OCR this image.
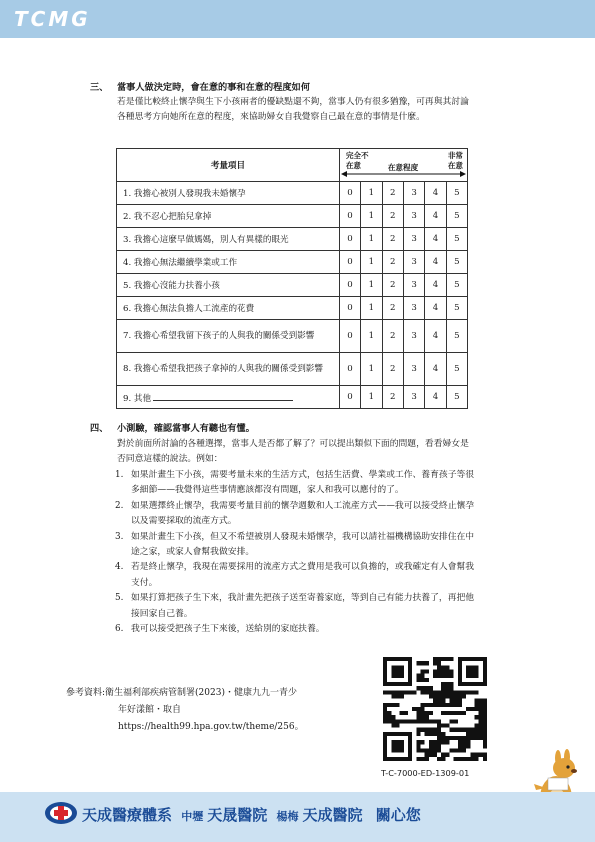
TCMG
三、 當事人做決定時，會在意的事和在意的程度如何
若是僅比較終止懷孕與生下小孩兩者的優缺點還不夠，當事人仍有很多猶豫，可再與其討論各種思考方向她所在意的程度，來協助婦女自我覺察自己最在意的事情是什麼。
考量項目	完全不在意 在意程度
非常在意					

1. 我擔心被別人發現我未婚懷孕	0	1	2	3	4	5
2. 我不忍心把胎兒拿掉	0	1	2	3	4	5
3. 我擔心這麼早做媽媽，別人有異樣的眼光	0	1	2	3	4	5
4. 我擔心無法繼續學業或工作	0	1	2	3	4	5
5. 我擔心沒能力扶養小孩	0	1	2	3	4	5
6. 我擔心無法負擔人工流產的花費	0	1	2	3	4	5
7. 我擔心希望我留下孩子的人與我的關係受到影響	0	1	2	3	4	5
8. 我擔心希望我把孩子拿掉的人與我的關係受到影響	0	1	2	3	4	5
9. 其他	0	1	2	3	4	5
四、 小測驗，確認當事人有聽也有懂。
對於前面所討論的各種選擇，當事人是否都了解了？可以提出類似下面的問題，看看婦女是否同意這樣的說法。例如：
1. 如果計畫生下小孩，需要考量未來的生活方式，包括生活費、學業或工作、養育孩子等很多細節——我覺得這些事情應該都沒有問題，家人和我可以應付的了。
2. 如果選擇終止懷孕，我需要考量目前的懷孕週數和人工流產方式——我可以接受終止懷孕以及需要採取的流產方式。
3. 如果計畫生下小孩，但又不希望被別人發現未婚懷孕，我可以請社福機構協助安排住在中途之家，或家人會幫我做安排。
4. 若是終止懷孕，我現在需要採用的流產方式之費用是我可以負擔的，或我確定有人會幫我支付。
5. 如果打算把孩子生下來，我計畫先把孩子送至寄養家庭，等到自己有能力扶養了，再把他接回家自己養。
6. 我可以接受把孩子生下來後，送給別的家庭扶養。
參考資料:衛生福利部疾病管制署(2023)・健康九九一青少
年好漾館・取自
https://health99.hpa.gov.tw/theme/256。
T-C-7000-ED-1309-01
天成醫療體系 中壢 天晟醫院 楊梅 天成醫院 關心您
